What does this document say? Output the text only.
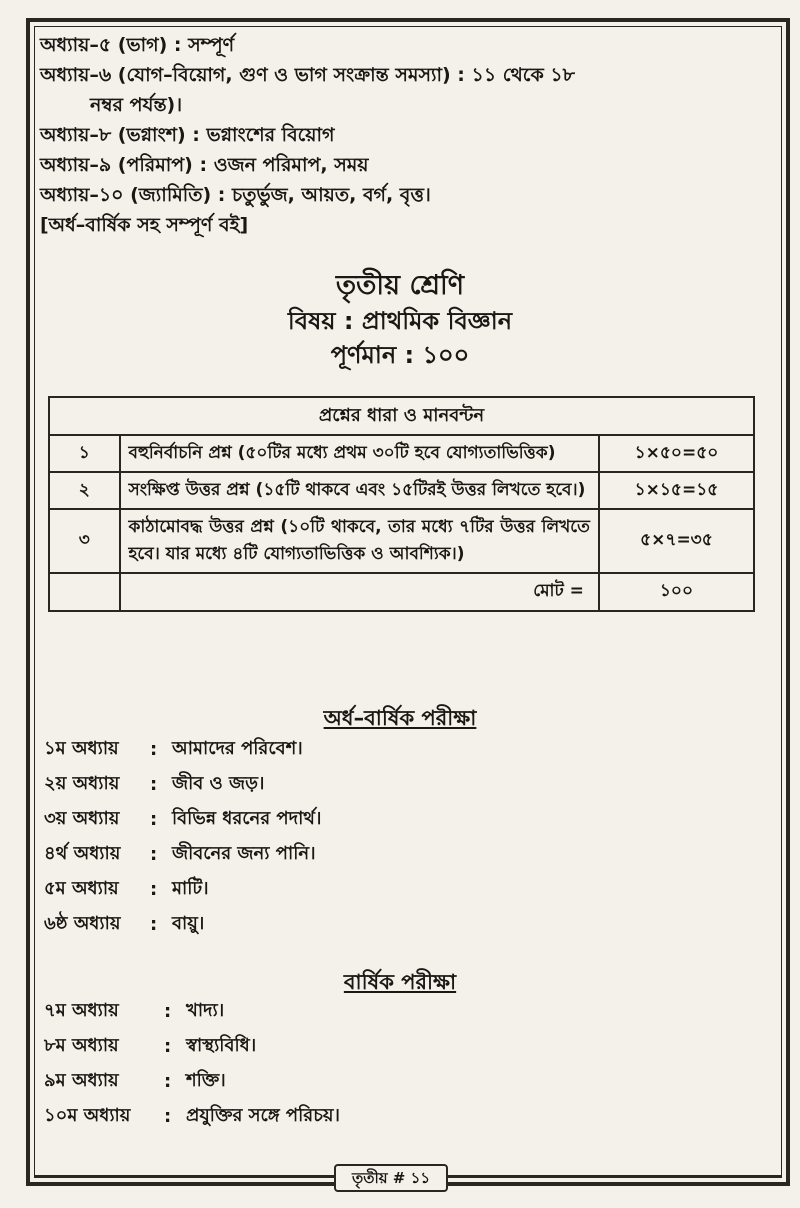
অধ্যায়–৫ (ভাগ) : সম্পূর্ণ
অধ্যায়–৬ (যোগ–বিয়োগ, গুণ ও ভাগ সংক্রান্ত সমস্যা) : ১১ থেকে ১৮
নম্বর পর্যন্ত)।
অধ্যায়–৮ (ভগ্নাংশ) : ভগ্নাংশের বিয়োগ
অধ্যায়–৯ (পরিমাপ) : ওজন পরিমাপ, সময়
অধ্যায়–১০ (জ্যামিতি) : চতুর্ভুজ, আয়ত, বর্গ, বৃত্ত।
[অর্ধ–বার্ষিক সহ সম্পূর্ণ বই]
তৃতীয় শ্রেণি
বিষয় : প্রাথমিক বিজ্ঞান
পূর্ণমান : ১০০
প্রশ্নের ধারা ও মানবন্টন		
১	বহুনির্বাচনি প্রশ্ন (৫০টির মধ্যে প্রথম ৩০টি হবে যোগ্যতাভিত্তিক)	১×৫০=৫০
২	সংক্ষিপ্ত উত্তর প্রশ্ন (১৫টি থাকবে এবং ১৫টিরই উত্তর লিখতে হবে।)	১×১৫=১৫
৩	কাঠামোবদ্ধ উত্তর প্রশ্ন (১০টি থাকবে, তার মধ্যে ৭টির উত্তর লিখতে হবে। যার মধ্যে ৪টি যোগ্যতাভিত্তিক ও আবশ্যিক।)	৫×৭=৩৫
	মোট =	১০০
অর্ধ–বার্ষিক পরীক্ষা
১ম অধ্যায়	: আমাদের পরিবেশ।
২য় অধ্যায়	: জীব ও জড়।
৩য় অধ্যায়	: বিভিন্ন ধরনের পদার্থ।
৪র্থ অধ্যায়	: জীবনের জন্য পানি।
৫ম অধ্যায়	: মাটি।
৬ষ্ঠ অধ্যায়	: বায়ু।
বার্ষিক পরীক্ষা
৭ম অধ্যায়	: খাদ্য।
৮ম অধ্যায়	: স্বাস্থ্যবিধি।
৯ম অধ্যায়	: শক্তি।
১০ম অধ্যায়	: প্রযুক্তির সঙ্গে পরিচয়।
তৃতীয় # ১১
